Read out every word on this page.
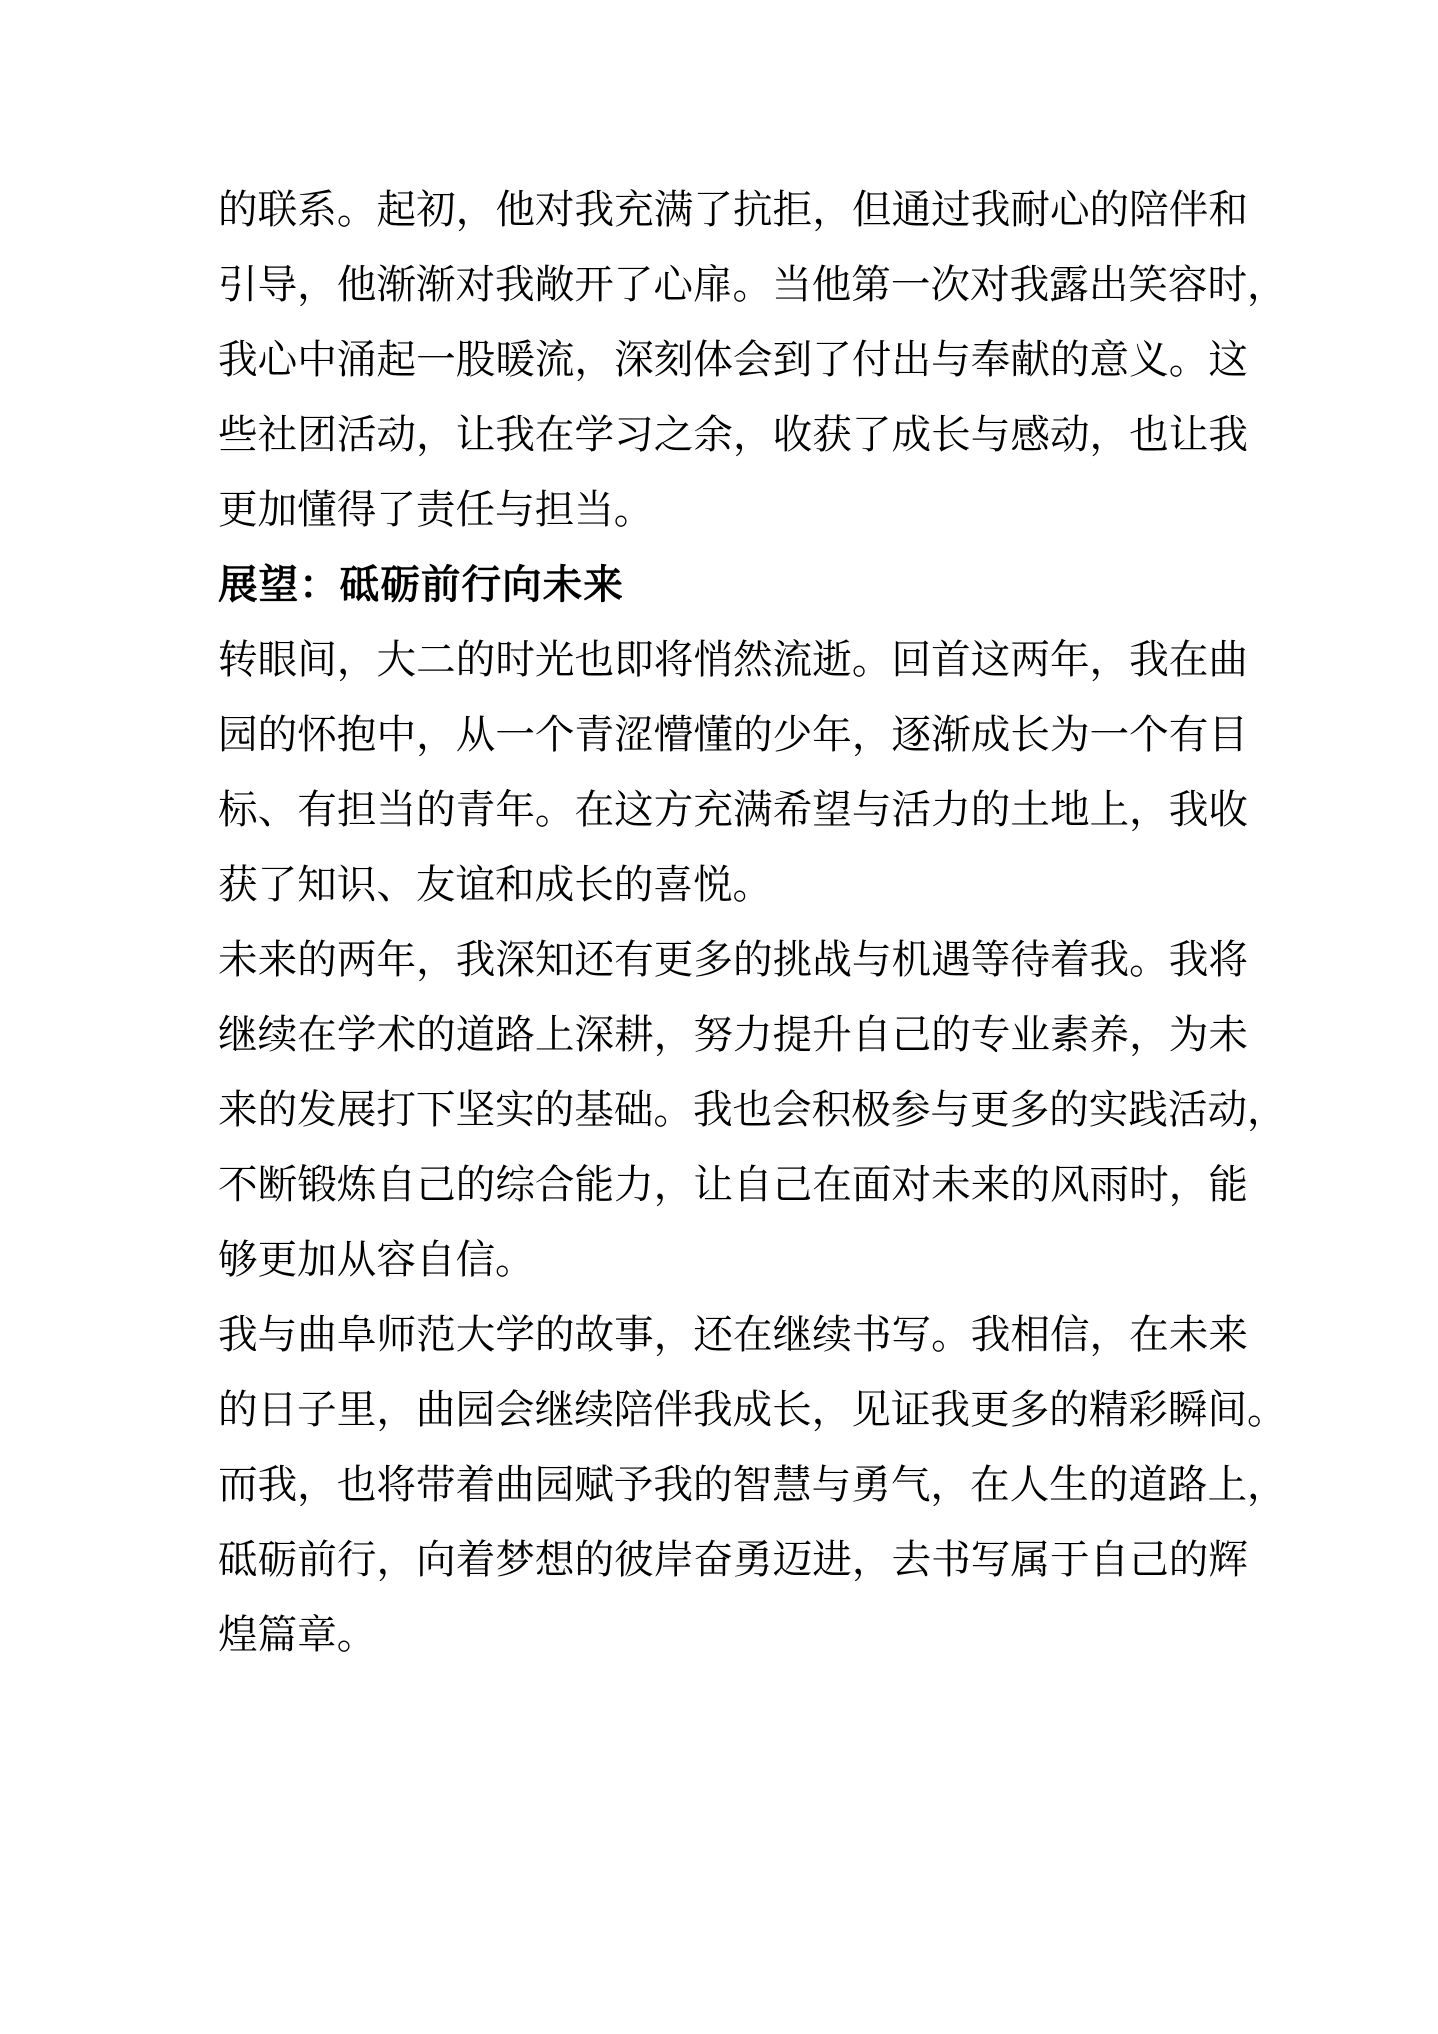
的联系。起初，他对我充满了抗拒，但通过我耐心的陪伴和
引导，他渐渐对我敞开了心扉。当他第一次对我露出笑容时，
我心中涌起一股暖流，深刻体会到了付出与奉献的意义。这
些社团活动，让我在学习之余，收获了成长与感动，也让我
更加懂得了责任与担当。
展望：砥砺前行向未来
转眼间，大二的时光也即将悄然流逝。回首这两年，我在曲
园的怀抱中，从一个青涩懵懂的少年，逐渐成长为一个有目
标、有担当的青年。在这方充满希望与活力的土地上，我收
获了知识、友谊和成长的喜悦。
未来的两年，我深知还有更多的挑战与机遇等待着我。我将
继续在学术的道路上深耕，努力提升自己的专业素养，为未
来的发展打下坚实的基础。我也会积极参与更多的实践活动，
不断锻炼自己的综合能力，让自己在面对未来的风雨时，能
够更加从容自信。
我与曲阜师范大学的故事，还在继续书写。我相信，在未来
的日子里，曲园会继续陪伴我成长，见证我更多的精彩瞬间。
而我，也将带着曲园赋予我的智慧与勇气，在人生的道路上，
砥砺前行，向着梦想的彼岸奋勇迈进，去书写属于自己的辉
煌篇章。
